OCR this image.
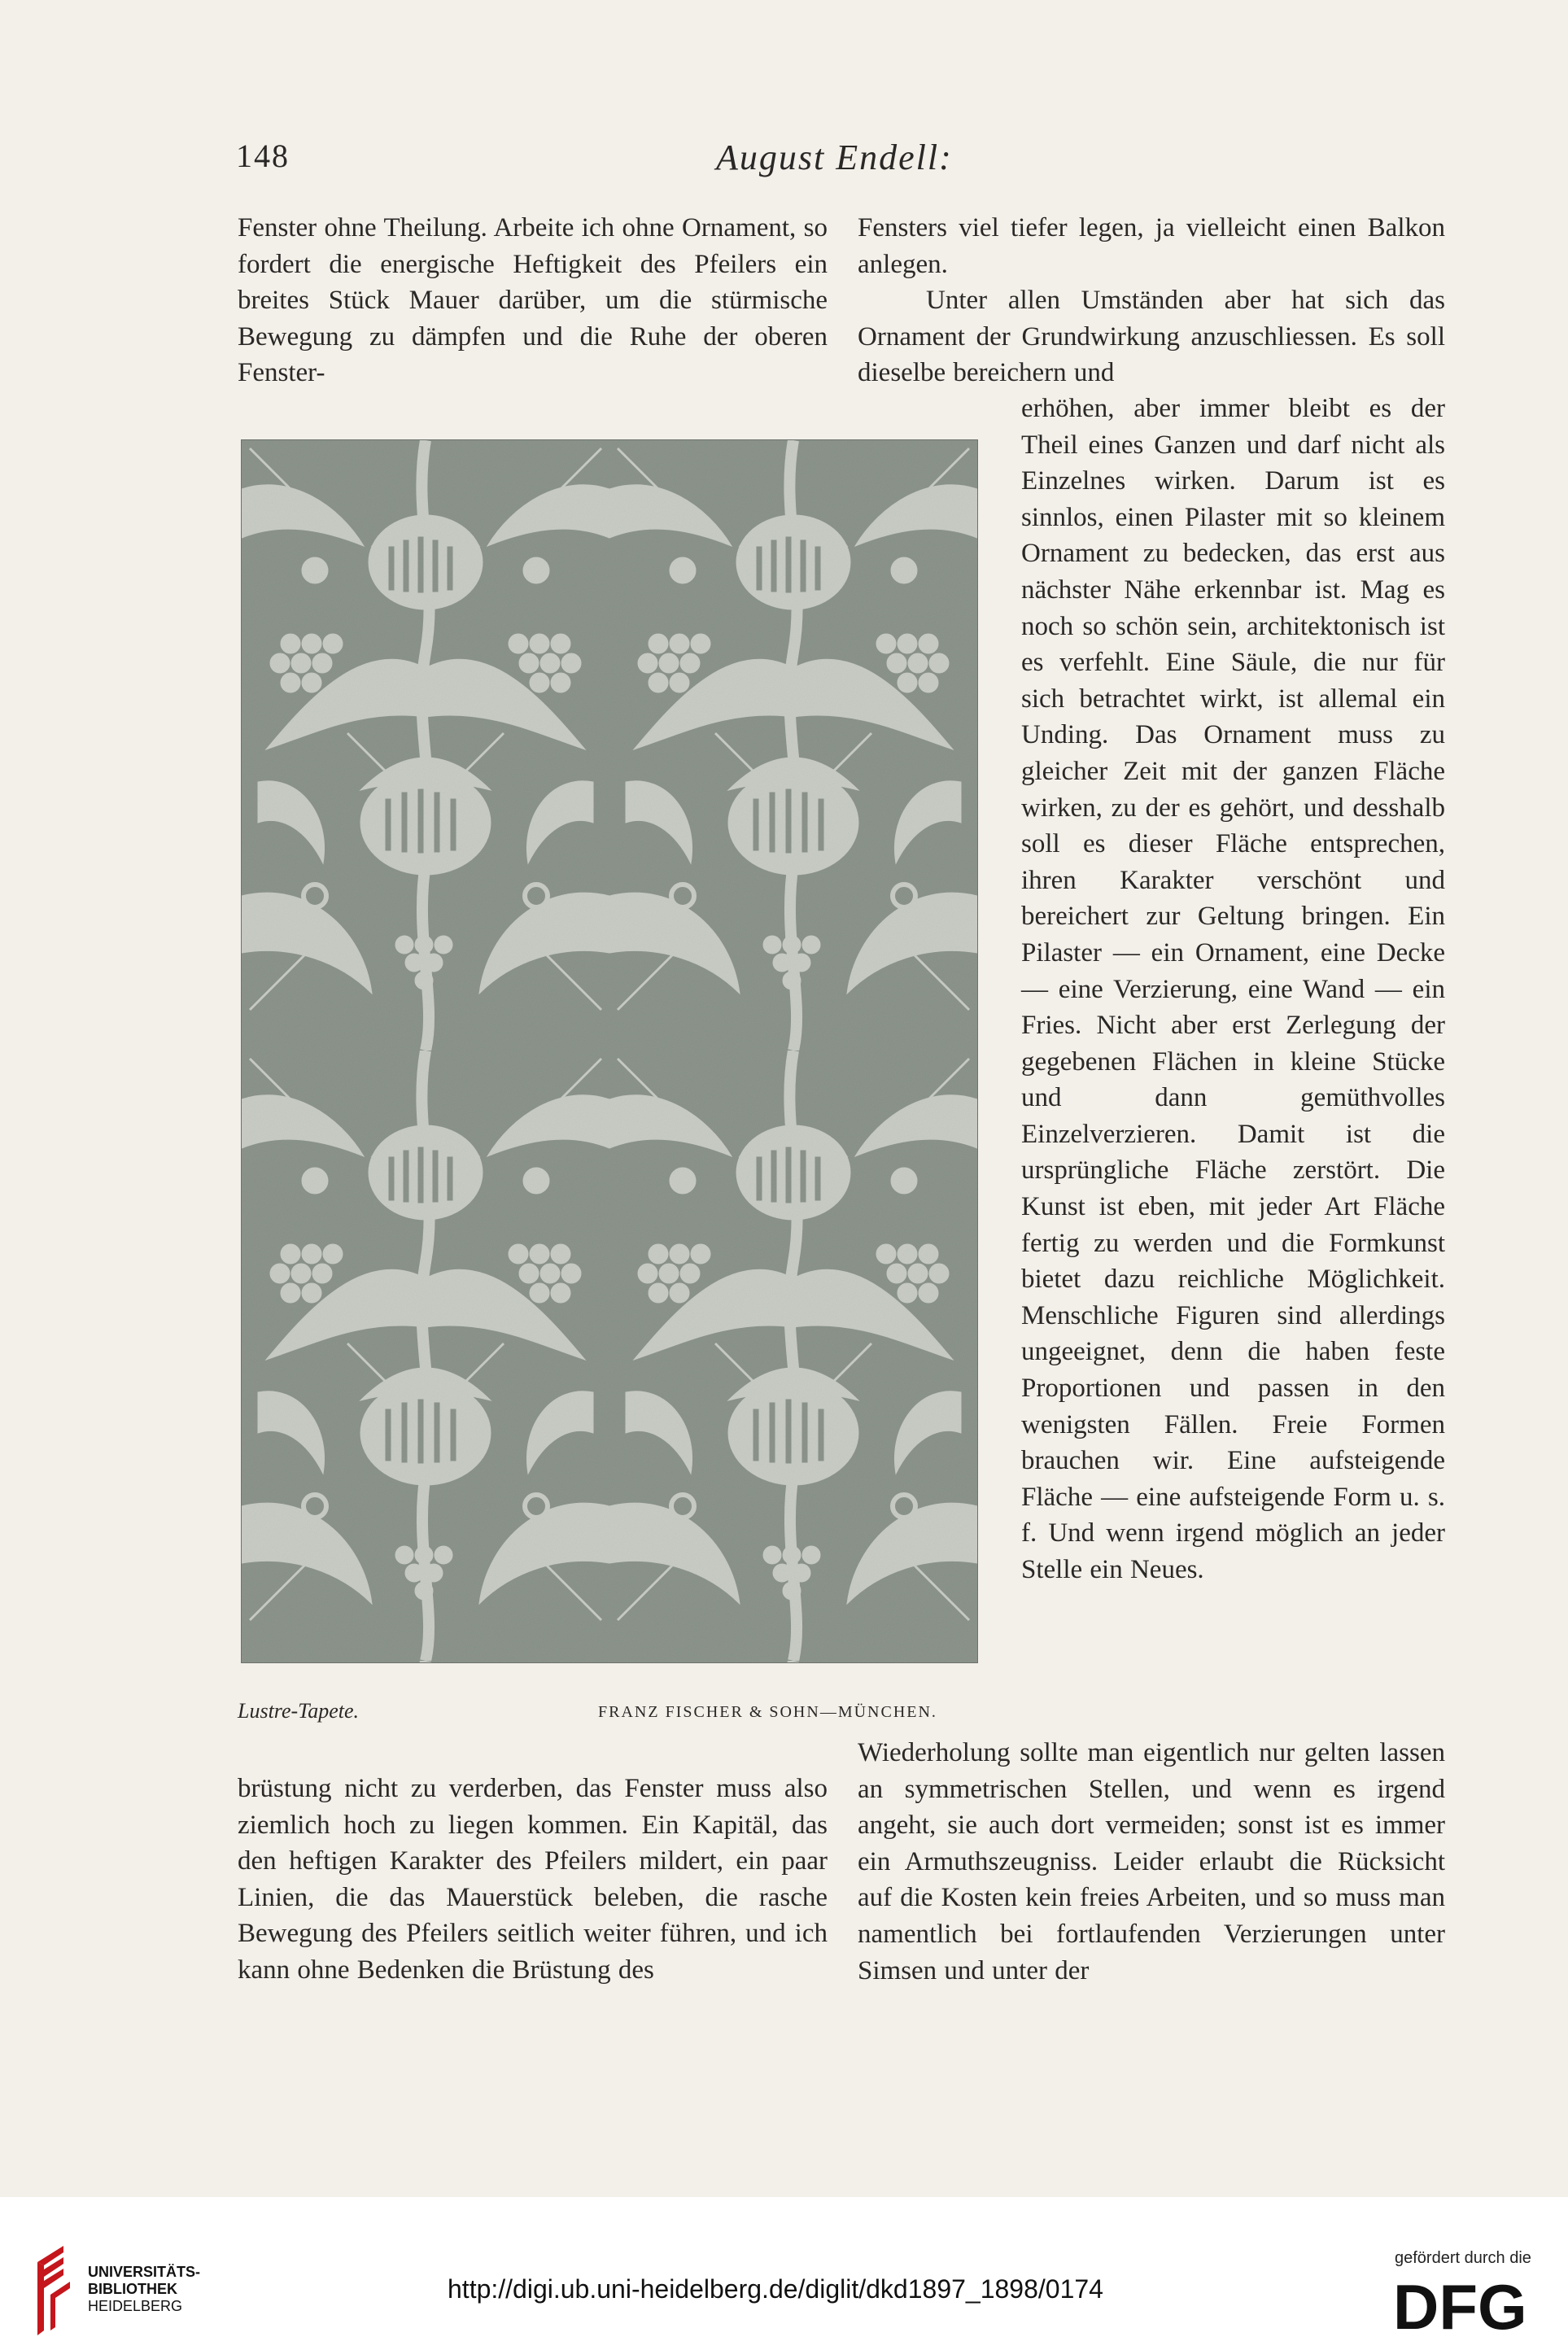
148	August Endell:

Fenster ohne Theilung. Arbeite ich ohne Ornament, so fordert die energische Heftigkeit des Pfeilers ein breites Stück Mauer darüber, um die stürmische Bewegung zu dämpfen und die Ruhe der oberen Fenster-

Fensters viel tiefer legen, ja vielleicht einen Balkon anlegen.

Unter allen Umständen aber hat sich das Ornament der Grundwirkung anzuschliessen. Es soll dieselbe bereichern und

erhöhen, aber immer bleibt es der Theil eines Ganzen und darf nicht als Einzelnes wirken. Darum ist es sinnlos, einen Pilaster mit so kleinem Ornament zu bedecken, das erst aus nächster Nähe erkennbar ist. Mag es noch so schön sein, architektonisch ist es verfehlt. Eine Säule, die nur für sich betrachtet wirkt, ist allemal ein Unding. Das Ornament muss zu gleicher Zeit mit der ganzen Fläche wirken, zu der es gehört, und desshalb soll es dieser Fläche entsprechen, ihren Karakter verschönt und bereichert zur Geltung bringen. Ein Pilaster — ein Ornament, eine Decke — eine Verzierung, eine Wand — ein Fries. Nicht aber erst Zerlegung der gegebenen Flächen in kleine Stücke und dann gemüthvolles Einzelverzieren. Damit ist die ursprüngliche Fläche zerstört. Die Kunst ist eben, mit jeder Art Fläche fertig zu werden und die Formkunst bietet dazu reichliche Möglichkeit. Menschliche Figuren sind allerdings ungeeignet, denn die haben feste Proportionen und passen in den wenigsten Fällen. Freie Formen brauchen wir. Eine aufsteigende Fläche — eine aufsteigende Form u. s. f. Und wenn irgend möglich an jeder Stelle ein Neues.

Lustre-Tapete.	FRANZ FISCHER & SOHN—MÜNCHEN.

brüstung nicht zu verderben, das Fenster muss also ziemlich hoch zu liegen kommen. Ein Kapitäl, das den heftigen Karakter des Pfeilers mildert, ein paar Linien, die das Mauerstück beleben, die rasche Bewegung des Pfeilers seitlich weiter führen, und ich kann ohne Bedenken die Brüstung des

Wiederholung sollte man eigentlich nur gelten lassen an symmetrischen Stellen, und wenn es irgend angeht, sie auch dort vermeiden; sonst ist es immer ein Armuthszeugniss. Leider erlaubt die Rücksicht auf die Kosten kein freies Arbeiten, und so muss man namentlich bei fortlaufenden Verzierungen unter Simsen und unter der

UNIVERSITÄTS-
BIBLIOTHEK
HEIDELBERG
http://digi.ub.uni-heidelberg.de/diglit/dkd1897_1898/0174
gefördert durch die
DFG
